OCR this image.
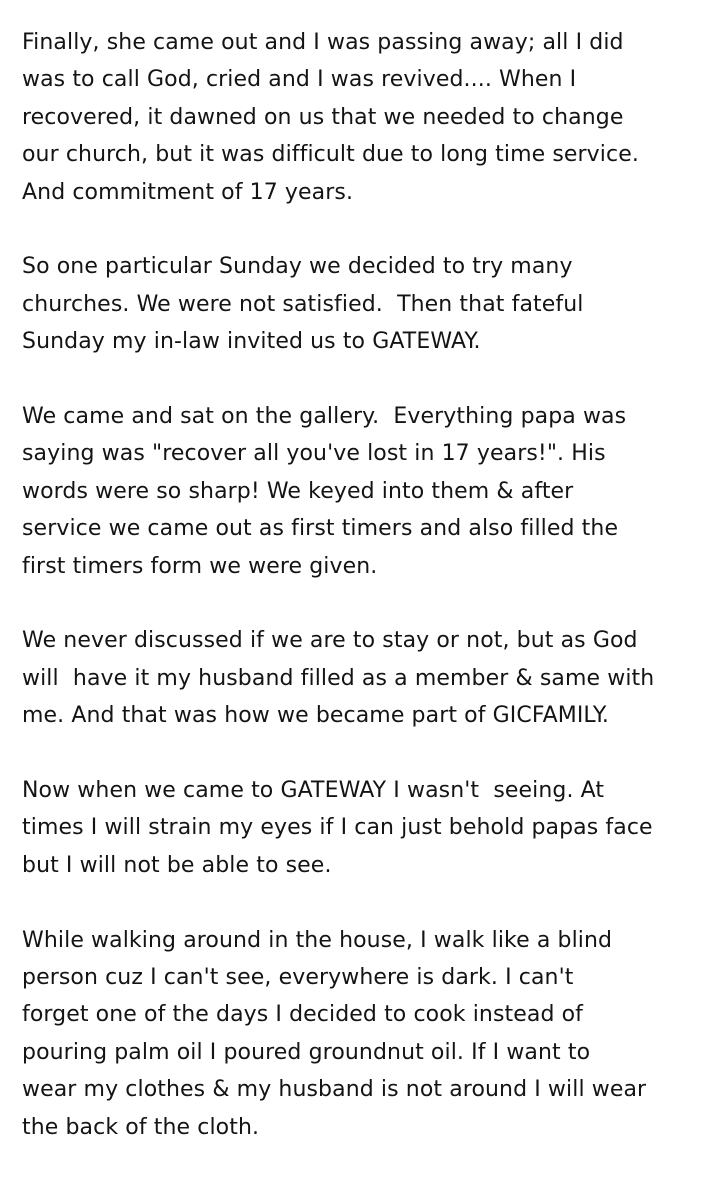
Finally, she came out and I was passing away; all I did
was to call God, cried and I was revived.... When I
recovered, it dawned on us that we needed to change
our church, but it was difficult due to long time service.
And commitment of 17 years.

So one particular Sunday we decided to try many
churches. We were not satisfied.  Then that fateful
Sunday my in-law invited us to GATEWAY.

We came and sat on the gallery.  Everything papa was
saying was "recover all you've lost in 17 years!". His
words were so sharp! We keyed into them & after
service we came out as first timers and also filled the
first timers form we were given.

We never discussed if we are to stay or not, but as God
will  have it my husband filled as a member & same with
me. And that was how we became part of GICFAMILY.

Now when we came to GATEWAY I wasn't  seeing. At
times I will strain my eyes if I can just behold papas face
but I will not be able to see.

While walking around in the house, I walk like a blind
person cuz I can't see, everywhere is dark. I can't
forget one of the days I decided to cook instead of
pouring palm oil I poured groundnut oil. If I want to
wear my clothes & my husband is not around I will wear
the back of the cloth.
